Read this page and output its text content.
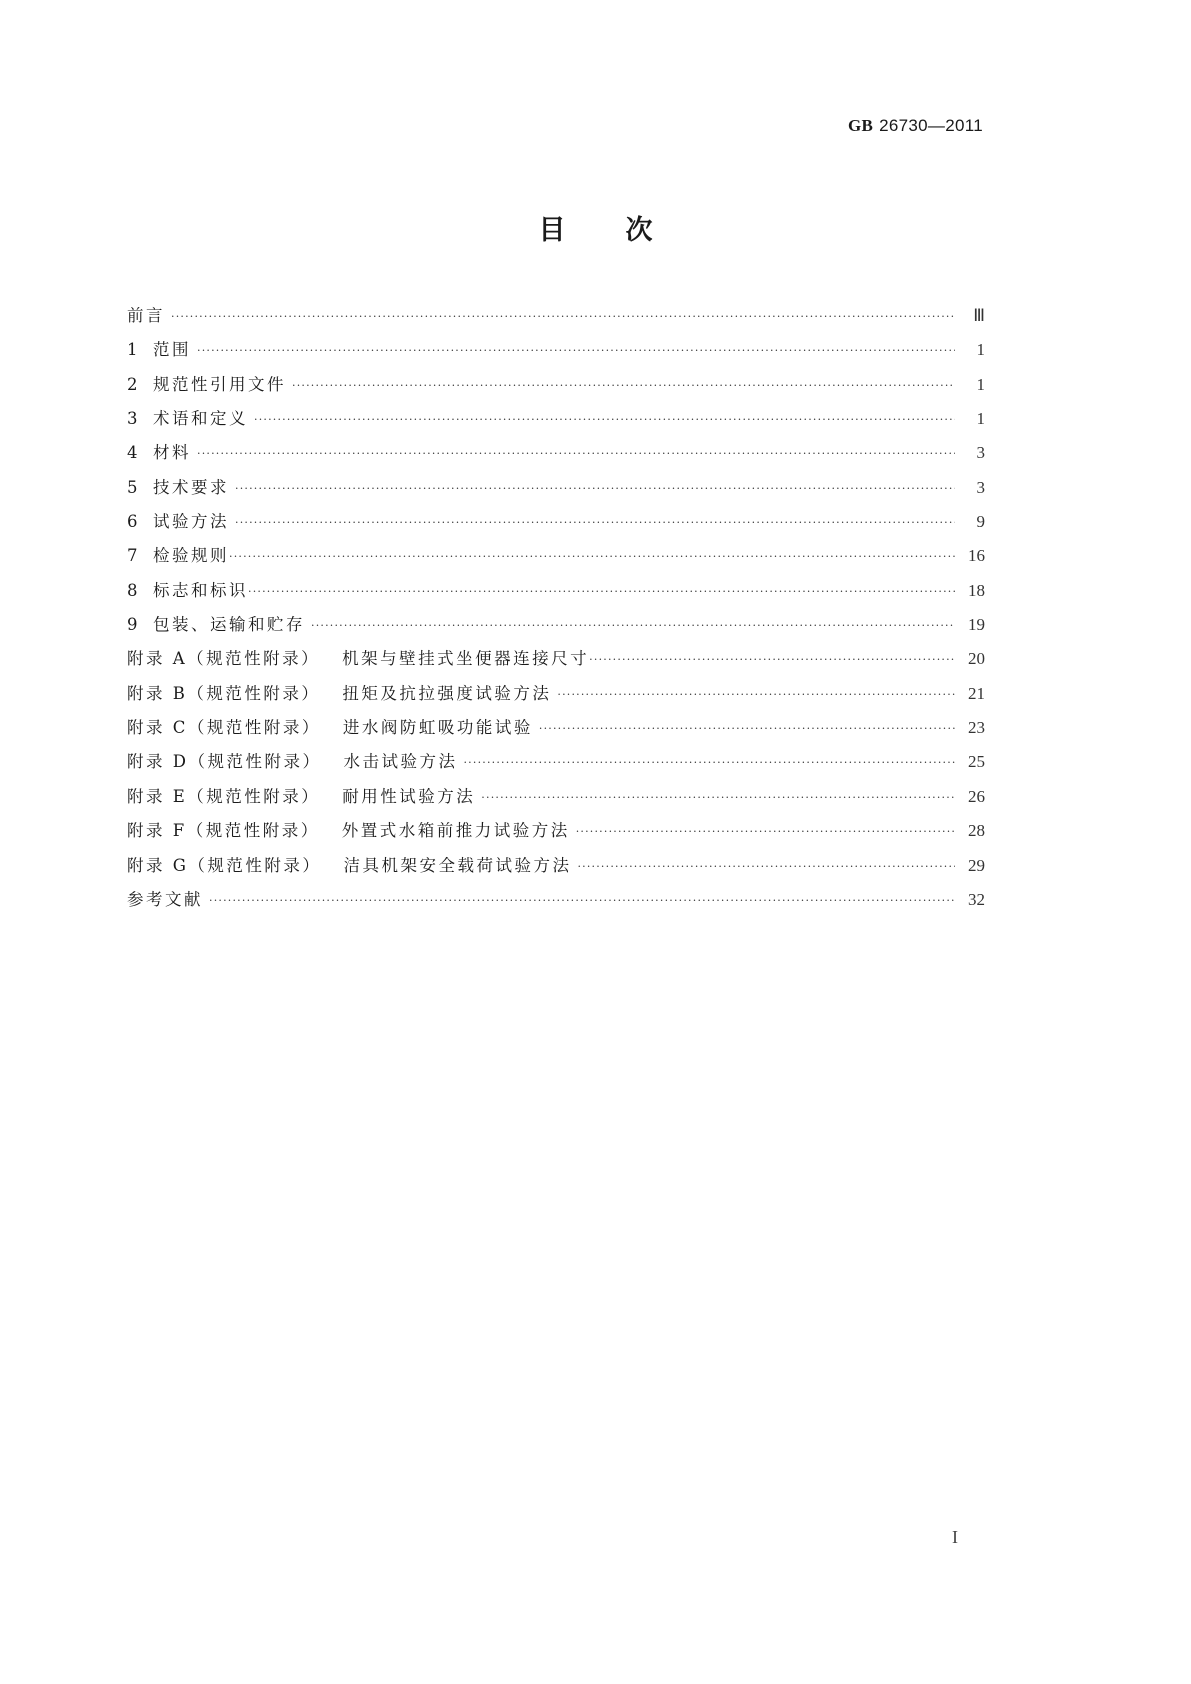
GB 26730—2011
目 次
前言 ·····	Ⅲ
1 范围 ·····	1
2 规范性引用文件 ·····	1
3 术语和定义 ·····	1
4 材料 ·····	3
5 技术要求 ·····	3
6 试验方法 ·····	9
7 检验规则 ·····	16
8 标志和标识 ·····	18
9 包装、运输和贮存 ·····	19
附录 A（规范性附录） 机架与壁挂式坐便器连接尺寸 ·····	20
附录 B（规范性附录） 扭矩及抗拉强度试验方法 ·····	21
附录 C（规范性附录） 进水阀防虹吸功能试验 ·····	23
附录 D（规范性附录） 水击试验方法 ·····	25
附录 E（规范性附录） 耐用性试验方法 ·····	26
附录 F（规范性附录） 外置式水箱前推力试验方法 ·····	28
附录 G（规范性附录） 洁具机架安全载荷试验方法 ·····	29
参考文献 ·····	32
I
